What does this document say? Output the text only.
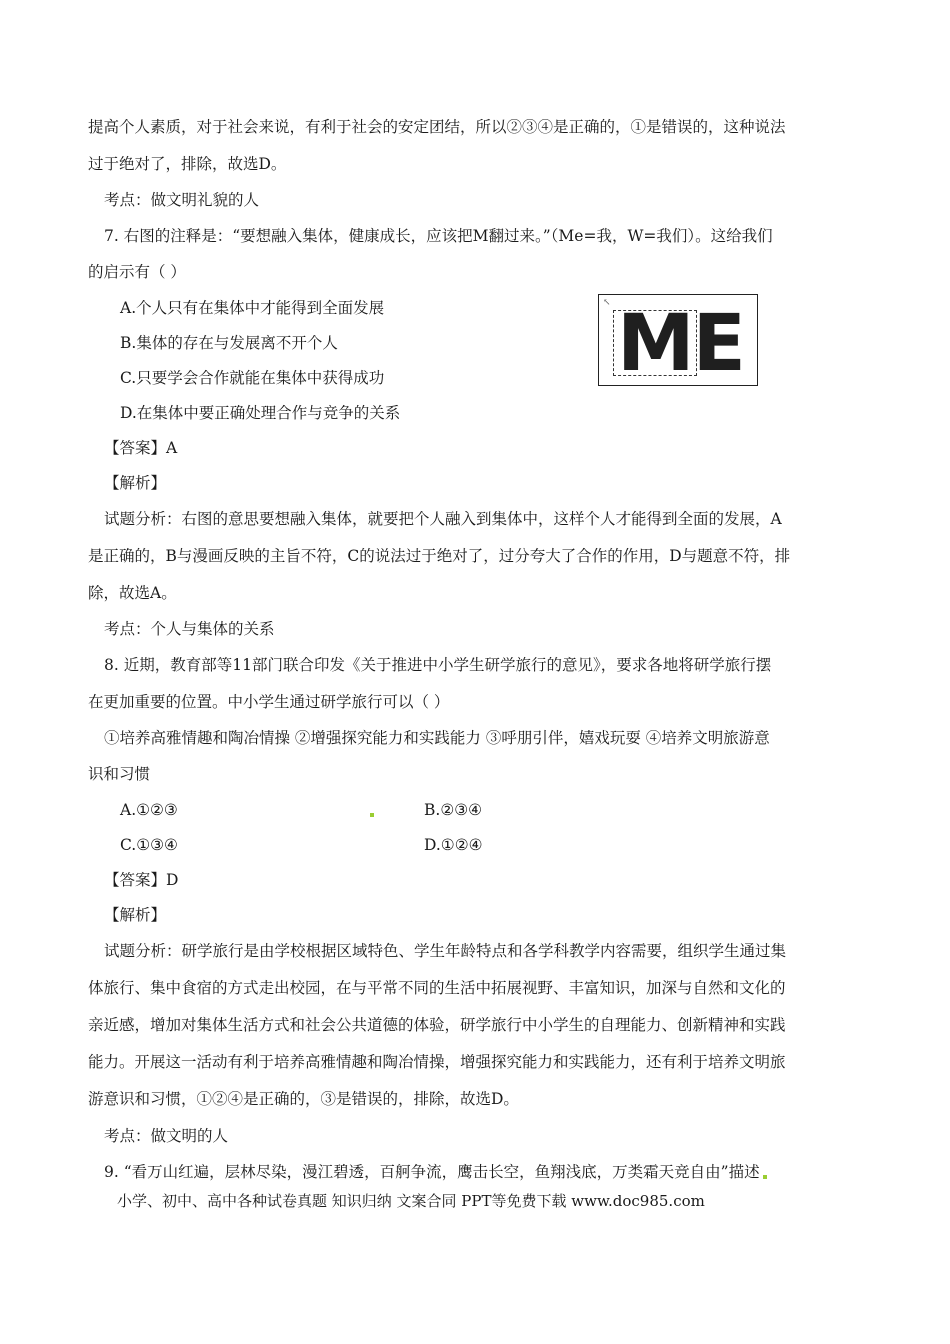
提高个人素质，对于社会来说，有利于社会的安定团结，所以②③④是正确的，①是错误的，这种说法
过于绝对了，排除，故选D。
考点：做文明礼貌的人
7. 右图的注释是：“要想融入集体，健康成长，应该把M翻过来。”（Me=我，W=我们）。这给我们
的启示有（ ）
A.个人只有在集体中才能得到全面发展
B.集体的存在与发展离不开个人
C.只要学会合作就能在集体中获得成功
D.在集体中要正确处理合作与竞争的关系
↖ ME
【答案】A
【解析】
试题分析：右图的意思要想融入集体，就要把个人融入到集体中，这样个人才能得到全面的发展，A
是正确的，B与漫画反映的主旨不符，C的说法过于绝对了，过分夸大了合作的作用，D与题意不符，排
除，故选A。
考点：个人与集体的关系
8. 近期，教育部等11部门联合印发《关于推进中小学生研学旅行的意见》，要求各地将研学旅行摆
在更加重要的位置。中小学生通过研学旅行可以（ ）
①培养高雅情趣和陶冶情操 ②增强探究能力和实践能力 ③呼朋引伴，嬉戏玩耍 ④培养文明旅游意
识和习惯
A.①②③	B.②③④
C.①③④	D.①②④
【答案】D
【解析】
试题分析：研学旅行是由学校根据区域特色、学生年龄特点和各学科教学内容需要，组织学生通过集
体旅行、集中食宿的方式走出校园，在与平常不同的生活中拓展视野、丰富知识，加深与自然和文化的
亲近感，增加对集体生活方式和社会公共道德的体验，研学旅行中小学生的自理能力、创新精神和实践
能力。开展这一活动有利于培养高雅情趣和陶冶情操，增强探究能力和实践能力，还有利于培养文明旅
游意识和习惯，①②④是正确的，③是错误的，排除，故选D。
考点：做文明的人
9. “看万山红遍，层林尽染，漫江碧透，百舸争流，鹰击长空，鱼翔浅底，万类霜天竞自由”描述
小学、初中、高中各种试卷真题 知识归纳 文案合同 PPT等免费下载 www.doc985.com
